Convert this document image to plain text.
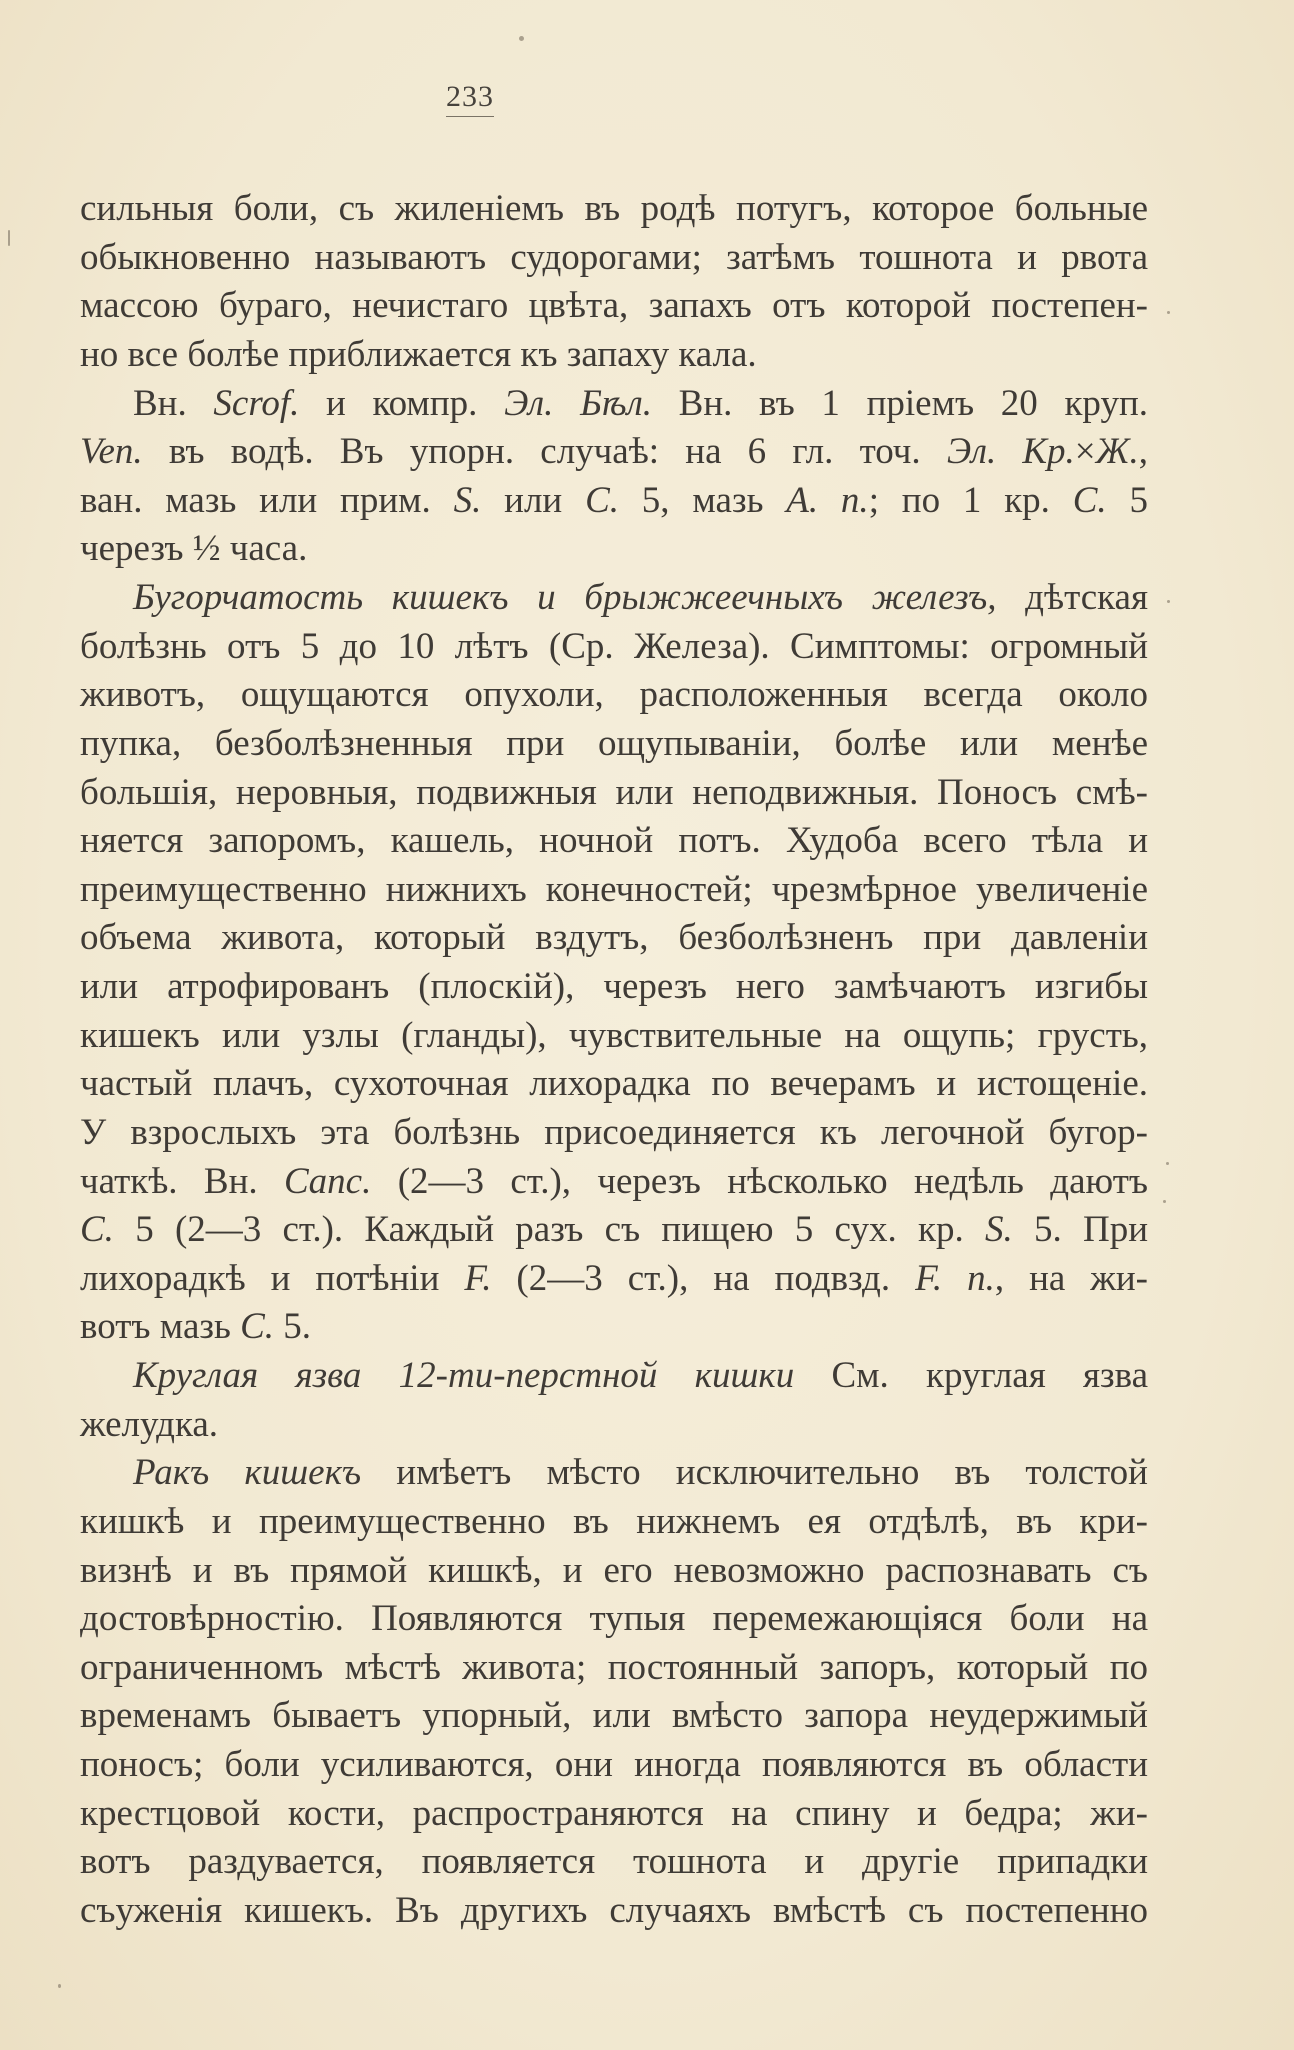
233
сильныя боли, съ жиленіемъ въ родѣ потугъ, которое больные
обыкновенно называютъ судорогами; затѣмъ тошнота и рвота
массою бураго, нечистаго цвѣта, запахъ отъ которой постепен-
но все болѣе приближается къ запаху кала.
Вн. Scrof. и компр. Эл. Бѣл. Вн. въ 1 пріемъ 20 круп.
Ven. въ водѣ. Въ упорн. случаѣ: на 6 гл. точ. Эл. Кр.×Ж.,
ван. мазь или прим. S. или C. 5, мазь A. n.; по 1 кр. C. 5
черезъ ½ часа.
Бугорчатость кишекъ и брыжжеечныхъ железъ, дѣтская
болѣзнь отъ 5 до 10 лѣтъ (Ср. Железа). Симптомы: огромный
животъ, ощущаются опухоли, расположенныя всегда около
пупка, безболѣзненныя при ощупываніи, болѣе или менѣе
большія, неровныя, подвижныя или неподвижныя. Поносъ смѣ-
няется запоромъ, кашель, ночной потъ. Худоба всего тѣла и
преимущественно нижнихъ конечностей; чрезмѣрное увеличеніе
объема живота, который вздутъ, безболѣзненъ при давленіи
или атрофированъ (плоскій), черезъ него замѣчаютъ изгибы
кишекъ или узлы (гланды), чувствительные на ощупь; грусть,
частый плачъ, сухоточная лихорадка по вечерамъ и истощеніе.
У взрослыхъ эта болѣзнь присоединяется къ легочной бугор-
чаткѣ. Вн. Canc. (2—3 ст.), черезъ нѣсколько недѣль даютъ
C. 5 (2—3 ст.). Каждый разъ съ пищею 5 сух. кр. S. 5. При
лихорадкѣ и потѣніи F. (2—3 ст.), на подвзд. F. n., на жи-
вотъ мазь C. 5.
Круглая язва 12-ти-перстной кишки См. круглая язва
желудка.
Ракъ кишекъ имѣетъ мѣсто исключительно въ толстой
кишкѣ и преимущественно въ нижнемъ ея отдѣлѣ, въ кри-
визнѣ и въ прямой кишкѣ, и его невозможно распознавать съ
достовѣрностію. Появляются тупыя перемежающіяся боли на
ограниченномъ мѣстѣ живота; постоянный запоръ, который по
временамъ бываетъ упорный, или вмѣсто запора неудержимый
поносъ; боли усиливаются, они иногда появляются въ области
крестцовой кости, распространяются на спину и бедра; жи-
вотъ раздувается, появляется тошнота и другіе припадки
съуженія кишекъ. Въ другихъ случаяхъ вмѣстѣ съ постепенно
